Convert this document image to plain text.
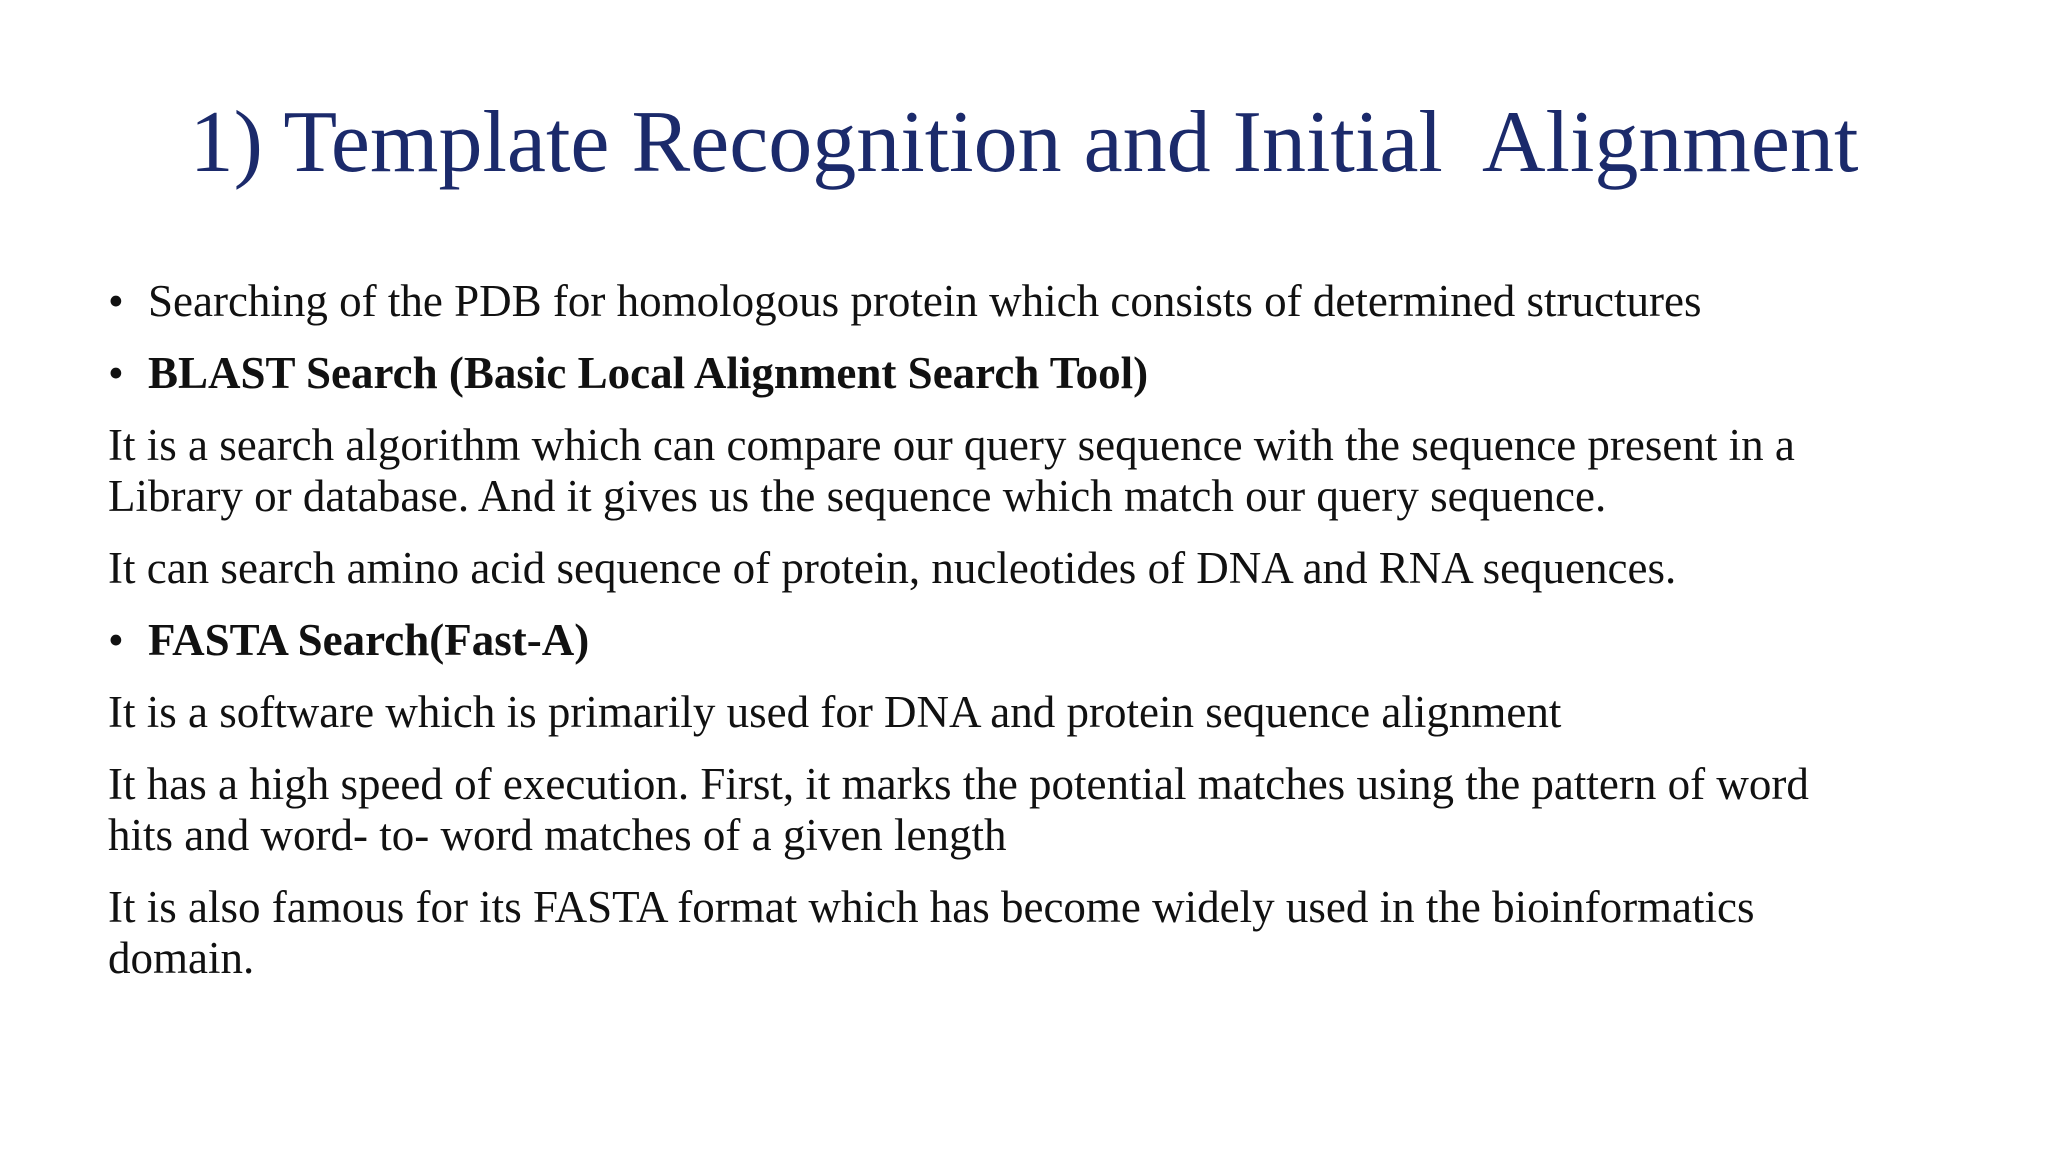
1) Template Recognition and Initial  Alignment
• Searching of the PDB for homologous protein which consists of determined structures
• BLAST Search (Basic Local Alignment Search Tool)
It is a search algorithm which can compare our query sequence with the sequence present in a
Library or database. And it gives us the sequence which match our query sequence.
It can search amino acid sequence of protein, nucleotides of DNA and RNA sequences.
• FASTA Search(Fast-A)
It is a software which is primarily used for DNA and protein sequence alignment
It has a high speed of execution. First, it marks the potential matches using the pattern of word
hits and word- to- word matches of a given length
It is also famous for its FASTA format which has become widely used in the bioinformatics
domain.
